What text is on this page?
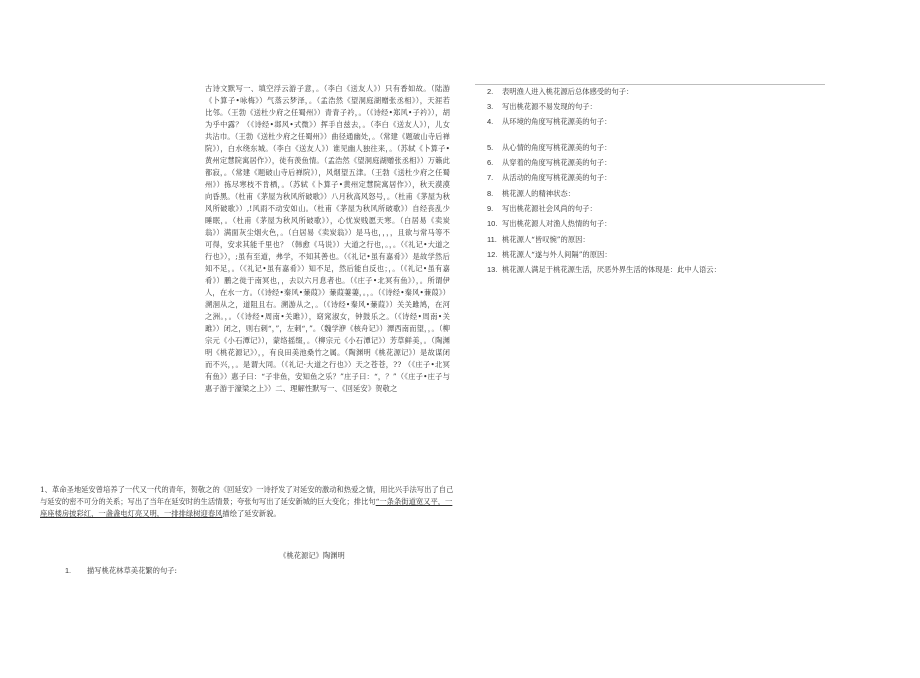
古诗文默写一、填空浮云游子意，。（李白《送友人》）只有香如故。（陆游《卜算子•咏梅》）气蒸云梦泽，。（孟浩然《望洞庭湖赠张丞相》），天涯若比邻。（王勃《送杜少府之任蜀州》）青青子衿，。（《诗经•郑风•子衿》），胡为乎中露？（《诗经•邶风•式微》）挥手自兹去，。（李白《送友人》），儿女共沾巾。（王勃《送杜少府之任蜀州》）曲径通幽处，。（常建《题破山寺后禅院》），白水绕东城。（李白《送友人》）谁见幽人独往来，。（苏轼《卜算子•黄州定慧院寓居作》），徒有羡鱼情。（孟浩然《望洞庭湖赠张丞相》）万籁此都寂，。（常建《题破山寺后禅院》），风烟望五津。（王勃《送杜少府之任蜀州》）拣尽寒枝不肯栖，。（苏轼《卜算子•黄州定慧院寓居作》），秋天漠漠向昏黑。（杜甫《茅屋为秋风所破歌》）八月秋高风怒号，。（杜甫《茅屋为秋风所破歌》）,!风雨不动安如山。（杜甫《茅屋为秋风所破歌》）自经丧乱少睡眠，。（杜甫《茅屋为秋风所破歌》），心忧炭贱愿天寒。（白居易《卖炭翁》）满面灰尘烟火色，。（白居易《卖炭翁》）是马也，，，，且欲与常马等不可得，安求其能千里也？（韩愈《马说》）大道之行也，。，。（《礼记•大道之行也》），;虽有至道，弗学，不知其善也。（《礼记•虽有嘉肴》）是故学然后知不足，。（《礼记•虽有嘉肴》）知不足，然后能自反也；，。（《礼记•虽有嘉肴》）鹏之徙于南冥也，，去以六月息者也。（《庄子•北冥有鱼》），。所谓伊人，在水一方。（《诗经•秦风•蒹葭》）蒹葭萋萋，。，。（《诗经•秦风•蒹葭》）溯洄从之，道阻且右。溯游从之，。（《诗经•秦风•蒹葭》）关关雎鸠，在河之洲。，。（《诗经•周南•关雎》），窈窕淑女，钟鼓乐之。（《诗经•周南•关雎》）闭之，则右刺“，”，左刺“，”。（魏学洢《核舟记》）潭西南而望，，。（柳宗元《小石潭记》），蒙络摇缀，。（柳宗元《小石潭记》）芳草鲜美，。（陶渊明《桃花源记》），，有良田美池桑竹之属。（陶渊明《桃花源记》）是故谋闭而不兴，，。是谓大同。（《礼记·大道之行也》）天之苍苍，?? （《庄子•北冥有鱼》）惠子曰：“子非鱼，安知鱼之乐？”庄子曰：“，？”（《庄子•庄子与惠子游于濠梁之上》）二、理解性默写一、《回延安》贺敬之
1、革命圣地延安曾培养了一代又一代的青年，贺敬之的《回延安》一诗抒发了对延安的激动和热爱之情，用比兴手法写出了自己与延安的密不可分的关系；写出了当年在延安时的生活情景；夸张句写出了延安新城的巨大变化；排比句“一条条街道宽又平，一座座楼房披彩红，一盏盏电灯亮又明，一排排绿树迎春风描绘了延安新貌。
《桃花源记》陶渊明
1. 描写桃花林草美花繁的句子:
2. 表明渔人进入桃花源后总体感受的句子：
3. 写出桃花源不易发现的句子：
4. 从环境的角度写桃花源美的句子：
5. 从心情的角度写桃花源美的句子：
6. 从穿着的角度写桃花源美的句子：
7. 从活动的角度写桃花源美的句子：
8. 桃花源人的精神状态：
9. 写出桃花源社会风尚的句子：
10. 写出桃花源人对渔人热情的句子：
11. 桃花源人“皆叹惋”的原因：
12. 桃花源人“遂与外人间隔”的原因：
13. 桃花源人满足于桃花源生活，厌恶外界生活的体现是：此中人语云：
